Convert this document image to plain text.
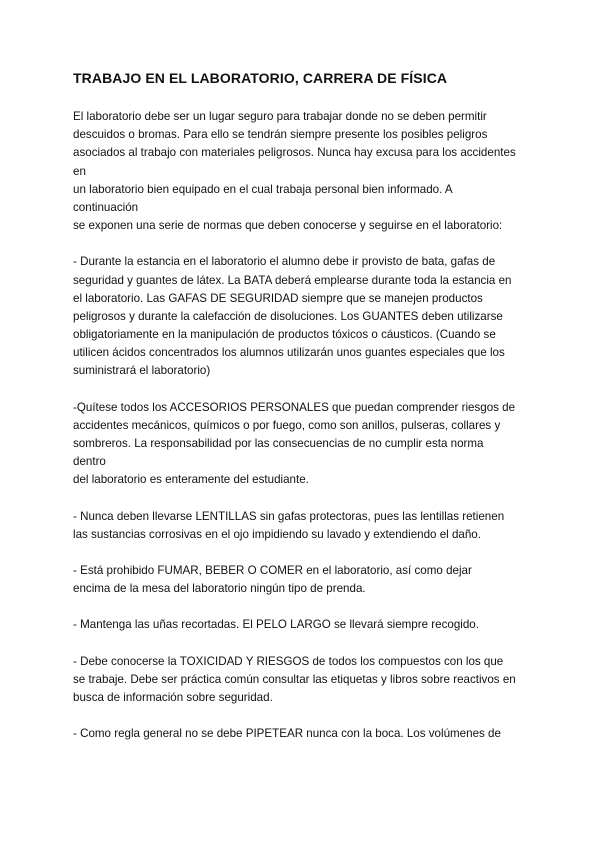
TRABAJO EN EL LABORATORIO, CARRERA DE FÍSICA
El laboratorio debe ser un lugar seguro para trabajar donde no se deben permitir
descuidos o bromas. Para ello se tendrán siempre presente los posibles peligros
asociados al trabajo con materiales peligrosos. Nunca hay excusa para los accidentes
en
un laboratorio bien equipado en el cual trabaja personal bien informado. A
continuación
se exponen una serie de normas que deben conocerse y seguirse en el laboratorio:
- Durante la estancia en el laboratorio el alumno debe ir provisto de bata, gafas de
seguridad y guantes de látex. La BATA deberá emplearse durante toda la estancia en
el laboratorio. Las GAFAS DE SEGURIDAD siempre que se manejen productos
peligrosos y durante la calefacción de disoluciones. Los GUANTES deben utilizarse
obligatoriamente en la manipulación de productos tóxicos o cáusticos. (Cuando se
utilicen ácidos concentrados los alumnos utilizarán unos guantes especiales que los
suministrará el laboratorio)
-Quítese todos los ACCESORIOS PERSONALES que puedan comprender riesgos de
accidentes mecánicos, químicos o por fuego, como son anillos, pulseras, collares y
sombreros. La responsabilidad por las consecuencias de no cumplir esta norma
dentro
del laboratorio es enteramente del estudiante.
- Nunca deben llevarse LENTILLAS sin gafas protectoras, pues las lentillas retienen
las sustancias corrosivas en el ojo impidiendo su lavado y extendiendo el daño.
- Está prohibido FUMAR, BEBER O COMER en el laboratorio, así como dejar
encima de la mesa del laboratorio ningún tipo de prenda.
- Mantenga las uñas recortadas. El PELO LARGO se llevará siempre recogido.
- Debe conocerse la TOXICIDAD Y RIESGOS de todos los compuestos con los que
se trabaje. Debe ser práctica común consultar las etiquetas y libros sobre reactivos en
busca de información sobre seguridad.
- Como regla general no se debe PIPETEAR nunca con la boca. Los volúmenes de
